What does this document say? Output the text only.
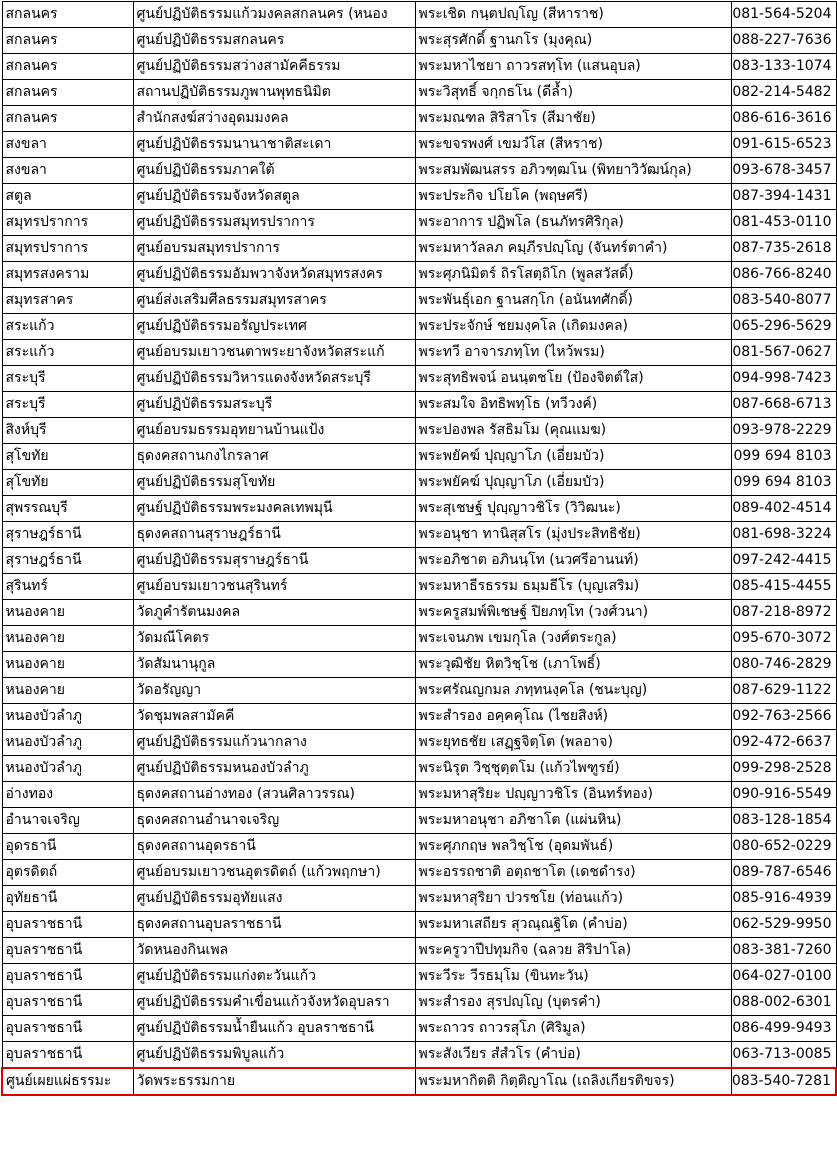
สกลนคร	ศูนย์ปฏิบัติธรรมแก้วมงคลสกลนคร (หนอง	พระเชิด กนฺตปญฺโญ (สีหาราช)	081-564-5204
สกลนคร	ศูนย์ปฏิบัติธรรมสกลนคร	พระสุรศักดิ์ ฐานกโร (มุงคุณ)	088-227-7636
สกลนคร	ศูนย์ปฏิบัติธรรมสว่างสามัคคีธรรม	พระมหาไชยา ถาวรสทฺโท (แสนอุบล)	083-133-1074
สกลนคร	สถานปฏิบัติธรรมภูพานพุทธนิมิต	พระวิสุทธิ์ จกฺกธโน (ดีล้ำ)	082-214-5482
สกลนคร	สำนักสงฆ์สว่างอุดมมงคล	พระมณฑล สิริสาโร (สีมาชัย)	086-616-3616
สงขลา	ศูนย์ปฏิบัติธรรมนานาชาติสะเดา	พระขจรพงศ์ เขมวํโส (สีหราช)	091-615-6523
สงขลา	ศูนย์ปฏิบัติธรรมภาคใต้	พระสมพัฒนสรร อภิวฑฺฒโน (พิทยาวิวัฒน์กุล)	093-678-3457
สตูล	ศูนย์ปฏิบัติธรรมจังหวัดสตูล	พระประกิจ ปโยโค (พฤษศรี)	087-394-1431
สมุทรปราการ	ศูนย์ปฏิบัติธรรมสมุทรปราการ	พระอาการ ปฏิพโล (ธนภัทรศิริกุล)	081-453-0110
สมุทรปราการ	ศูนย์อบรมสมุทรปราการ	พระมหาวัลลภ คมฺภีรปญฺโญ (จันทร์ตาคำ)	087-735-2618
สมุทรสงคราม	ศูนย์ปฏิบัติธรรมอัมพวาจังหวัดสมุทรสงคร	พระศุภนิมิตร์ ถิรโสตฺถิโก (พูลสวัสดิ์)	086-766-8240
สมุทรสาคร	ศูนย์ส่งเสริมศีลธรรมสมุทรสาคร	พระพันธุ์เอก ฐานสกฺโก (อนันทศักดิ์)	083-540-8077
สระแก้ว	ศูนย์ปฏิบัติธรรมอรัญประเทศ	พระประจักษ์ ชยมงฺคโล (เกิดมงคล)	065-296-5629
สระแก้ว	ศูนย์อบรมเยาวชนตาพระยาจังหวัดสระแก้	พระทวี อาจารภทฺโท (ไหว้พรม)	081-567-0627
สระบุรี	ศูนย์ปฏิบัติธรรมวิหารแดงจังหวัดสระบุรี	พระสุทธิพจน์ อนนฺตชโย (ป้องจิตต์ใส)	094-998-7423
สระบุรี	ศูนย์ปฏิบัติธรรมสระบุรี	พระสมใจ อิทธิพทฺโธ (ทวีวงค์)	087-668-6713
สิงห์บุรี	ศูนย์อบรมธรรมอุทยานบ้านแป้ง	พระปองพล รัสธิมโม (คุณแมฆ)	093-978-2229
สุโขทัย	ธุดงคสถานกงไกรลาศ	พระพยัคฆ์ ปุญฺญาโภ (เอี่ยมบัว)	099 694 8103
สุโขทัย	ศูนย์ปฏิบัติธรรมสุโขทัย	พระพยัคฆ์ ปุญฺญาโภ (เอี่ยมบัว)	099 694 8103
สุพรรณบุรี	ศูนย์ปฏิบัติธรรมพระมงคลเทพมุนี	พระสุเชษฐ์ ปุญฺญาวชิโร (วิวิฒนะ)	089-402-4514
สุราษฎร์ธานี	ธุดงคสถานสุราษฎร์ธานี	พระอนุชา ทานิสุสโร (มุ่งประสิทธิชัย)	081-698-3224
สุราษฎร์ธานี	ศูนย์ปฏิบัติธรรมสุราษฎร์ธานี	พระอภิชาต อภินนฺโท (นวศรีอานนท์)	097-242-4415
สุรินทร์	ศูนย์อบรมเยาวชนสุรินทร์	พระมหาธีรธรรม ธมฺมธีโร (บุญเสริม)	085-415-4455
หนองคาย	วัดภูคำรัตนมงคล	พระครูสมพ์พิเชษฐ์ ปิยภทฺโท (วงศ์วนา)	087-218-8972
หนองคาย	วัดมณีโคตร	พระเจนภพ เขมกุโล (วงศ์ตระกูล)	095-670-3072
หนองคาย	วัดสัมนานุกูล	พระวุฒิชัย หิตวิชฺโช (เภาโพธิ์)	080-746-2829
หนองคาย	วัดอรัญญา	พระศรัณญกมล ภทฺทนงฺคโล (ชนะบุญ)	087-629-1122
หนองบัวลำภู	วัดชุมพลสามัคคี	พระสำรอง อคฺคคุโณ (ไชยสิงห์)	092-763-2566
หนองบัวลำภู	ศูนย์ปฏิบัติธรรมแก้วนากลาง	พระยุทธชัย เสฏฺฐจิตฺโต (พลอาจ)	092-472-6637
หนองบัวลำภู	ศูนย์ปฏิบัติธรรมหนองบัวลำภู	พระนิรุต วิชฺชุตฺตโม (แก้วไพฑูรย์)	099-298-2528
อ่างทอง	ธุดงคสถานอ่างทอง (สวนศิลาวรรณ)	พระมหาสุริยะ ปญฺญาวชิโร (อินทร์ทอง)	090-916-5549
อำนาจเจริญ	ธุดงคสถานอำนาจเจริญ	พระมหาอนุชา อภิชาโต (แผ่นหิน)	083-128-1854
อุดรธานี	ธุดงคสถานอุดรธานี	พระศุภกฤษ พลวิชฺโช (อุดมพันธ์)	080-652-0229
อุตรดิตถ์	ศูนย์อบรมเยาวชนอุตรดิตถ์ (แก้วพฤกษา)	พระอรรถชาติ อตฺถชาโต (เดชดำรง)	089-787-6546
อุทัยธานี	ศูนย์ปฏิบัติธรรมอุทัยแสง	พระมหาสุริยา ปวรชโย (ท่อนแก้ว)	085-916-4939
อุบลราชธานี	ธุดงคสถานอุบลราชธานี	พระมหาเสถียร สุวณฺณฐิโต (คำบ่อ)	062-529-9950
อุบลราชธานี	วัดหนองกินเพล	พระครูวาปีปทุมกิจ (ฉลวย สิริปาโล)	083-381-7260
อุบลราชธานี	ศูนย์ปฏิบัติธรรมแก่งตะวันแก้ว	พระวีระ วีรธมฺโม (ขินทะวัน)	064-027-0100
อุบลราชธานี	ศูนย์ปฏิบัติธรรมคำเขื่อนแก้วจังหวัดอุบลรา	พระสำรอง สุรปญฺโญ (บุตรคำ)	088-002-6301
อุบลราชธานี	ศูนย์ปฏิบัติธรรมน้ำยืนแก้ว อุบลราชธานี	พระถาวร ถาวรสุโภ (ศิริมูล)	086-499-9493
อุบลราชธานี	ศูนย์ปฏิบัติธรรมพิบูลแก้ว	พระสังเวียร สํสํวโร (คำบ่อ)	063-713-0085
ศูนย์เผยแผ่ธรรมะ	วัดพระธรรมกาย	พระมหากิตติ กิตฺติญาโณ (เถลิงเกียรติขจร)	083-540-7281
